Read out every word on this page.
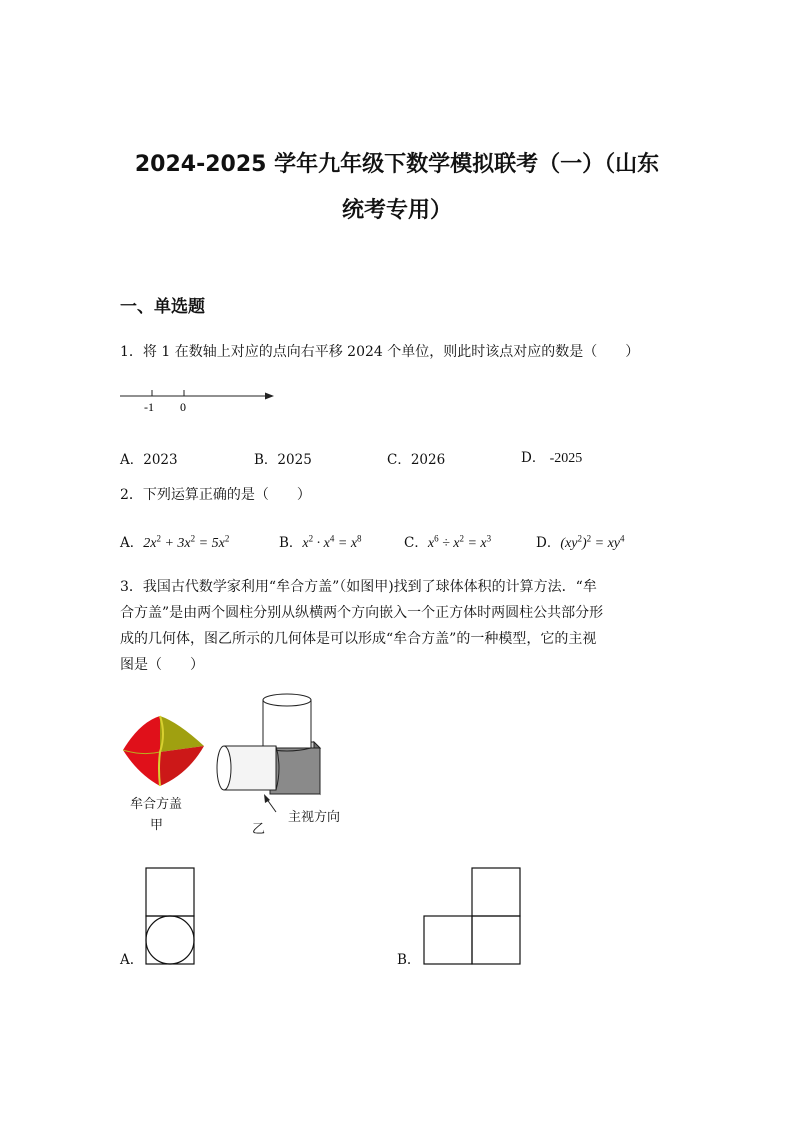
2024-2025 学年九年级下数学模拟联考（一）（山东
统考专用）
一、单选题
1．将 1 在数轴上对应的点向右平移 2024 个单位，则此时该点对应的数是（　　）
-1 0
A．2023	B．2025	C．2026	D． -2025
2．下列运算正确的是（　　）
A．$2x^2 + 3x^2 = 5x^2$	B．$x^2 \cdot x^4 = x^8$	C．$x^6 \div x^2 = x^3$	D．$(xy^2)^2 = xy^4$
3．我国古代数学家利用“牟合方盖”（如图甲)找到了球体体积的计算方法．“牟
合方盖”是由两个圆柱分别从纵横两个方向嵌入一个正方体时两圆柱公共部分形
成的几何体，图乙所示的几何体是可以形成“牟合方盖”的一种模型，它的主视
图是（　　）
牟合方盖
甲
主视方向
乙
A.	B.
